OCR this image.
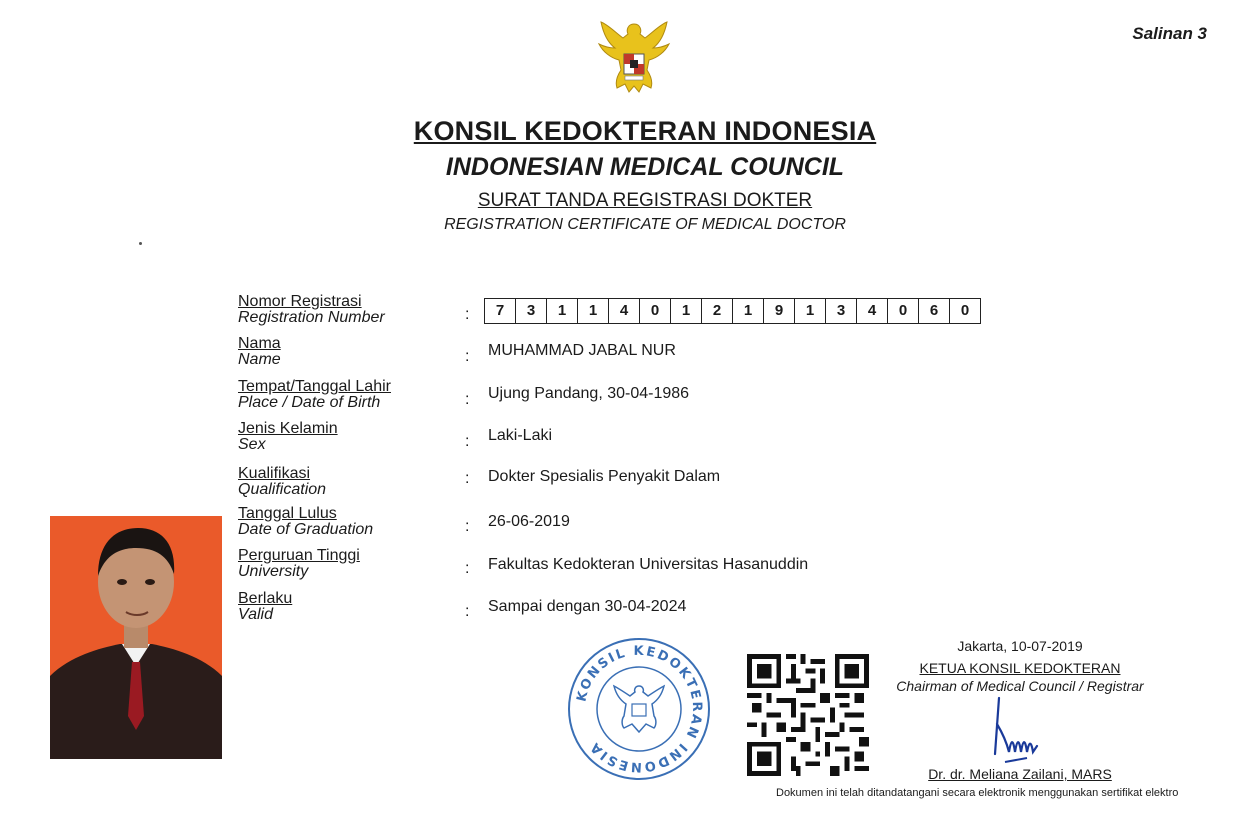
Salinan 3
KONSIL KEDOKTERAN INDONESIA
INDONESIAN MEDICAL COUNCIL
SURAT TANDA REGISTRASI DOKTER
REGISTRATION CERTIFICATE OF MEDICAL DOCTOR
Nomor Registrasi
Registration Number	:	7	3	1	1	4	0	1	2	1	9	1	3	4	0	6	0
Nama
Name	: MUHAMMAD JABAL NUR
Tempat/Tanggal Lahir
Place / Date of Birth	: Ujung Pandang, 30-04-1986
Jenis Kelamin
Sex	: Laki-Laki
Kualifikasi
Qualification
: Dokter Spesialis Penyakit Dalam
Tanggal Lulus
Date of Graduation	: 26-06-2019
Perguruan Tinggi
University	: Fakultas Kedokteran Universitas Hasanuddin
Berlaku
Valid	: Sampai dengan 30-04-2024
KONSIL KEDOKTERAN INDONESIA
Jakarta, 10-07-2019
KETUA KONSIL KEDOKTERAN
Chairman of Medical Council / Registrar
Dr. dr. Meliana Zailani, MARS
Dokumen ini telah ditandatangani secara elektronik menggunakan sertifikat elektro
